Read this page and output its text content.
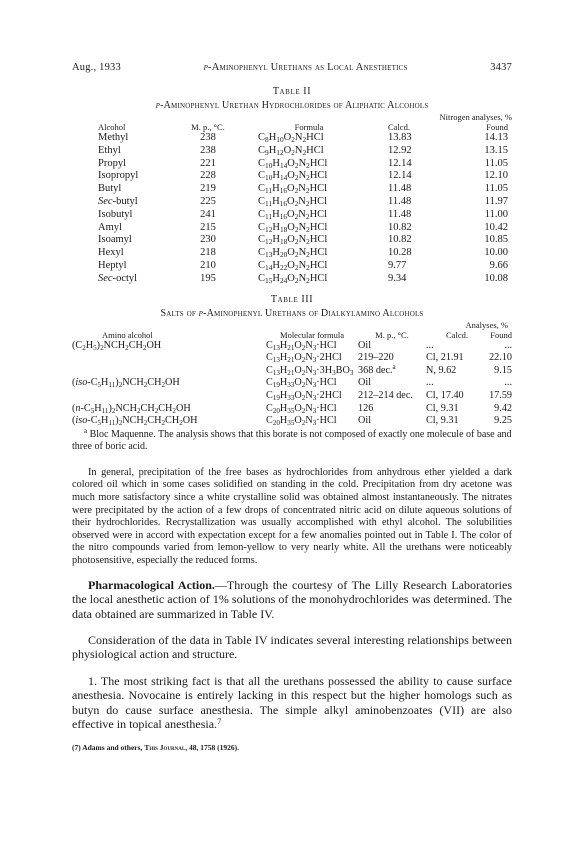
Aug., 1933	p-Aminophenyl Urethans as Local Anesthetics	3437
Table II
p-Aminophenyl Urethan Hydrochlorides of Aliphatic Alcohols
			Nitrogen analyses, %	
Alcohol	M. p., °C.	Formula	Calcd.	Found
Methyl	238	$C_8H_{10}O_2N_2HCl$	13.83	14.13
Ethyl	238	$C_9H_{12}O_2N_2HCl$	12.92	13.15
Propyl	221	$C_{10}H_{14}O_2N_2HCl$	12.14	11.05
Isopropyl	228	$C_{10}H_{14}O_2N_2HCl$	12.14	12.10
Butyl	219	$C_{11}H_{16}O_2N_2HCl$	11.48	11.05
Sec-butyl	225	$C_{11}H_{16}O_2N_2HCl$	11.48	11.97
Isobutyl	241	$C_{11}H_{16}O_2N_2HCl$	11.48	11.00
Amyl	215	$C_{12}H_{18}O_2N_2HCl$	10.82	10.42
Isoamyl	230	$C_{12}H_{18}O_2N_2HCl$	10.82	10.85
Hexyl	218	$C_{13}H_{20}O_2N_2HCl$	10.28	10.00
Heptyl	210	$C_{14}H_{22}O_2N_2HCl$	9.77	9.66
Sec-octyl	195	$C_{15}H_{24}O_2N_2HCl$	9.34	10.08
Table III
Salts of p-Aminophenyl Urethans of Dialkylamino Alcohols
			Analyses, %	
Amino alcohol	Molecular formula	M. p., °C.	Calcd.	Found
$(C_2H_5)_2NCH_2CH_2OH$	$C_{13}H_{21}O_2N_3\cdot HCl$	Oil	...	...
	$C_{13}H_{21}O_2N_3\cdot 2HCl$	219–220	Cl, 21.91	22.10
	$C_{13}H_{21}O_2N_3\cdot 3H_3BO_3$	368 dec.$^a$	N, 9.62	9.15
$(iso-C_5H_{11})_2NCH_2CH_2OH$	$C_{19}H_{33}O_2N_3\cdot HCl$	Oil	...	...
	$C_{19}H_{33}O_2N_3\cdot 2HCl$	212–214 dec.	Cl, 17.40	17.59
$(n-C_5H_{11})_2NCH_2CH_2CH_2OH$	$C_{20}H_{35}O_2N_3\cdot HCl$	126	Cl, 9.31	9.42
$(iso-C_5H_{11})_2NCH_2CH_2CH_2OH$	$C_{20}H_{35}O_2N_3\cdot HCl$	Oil	Cl, 9.31	9.25
$^a$ Bloc Maquenne. The analysis shows that this borate is not composed of exactly one molecule of base and three of boric acid.

In general, precipitation of the free bases as hydrochlorides from anhydrous ether yielded a dark colored oil which in some cases solidified on standing in the cold. Precipitation from dry acetone was much more satisfactory since a white crystalline solid was obtained almost instantaneously. The nitrates were precipitated by the action of a few drops of concentrated nitric acid on dilute aqueous solutions of their hydrochlorides. Recrystallization was usually accomplished with ethyl alcohol. The solubilities observed were in accord with expectation except for a few anomalies pointed out in Table I. The color of the nitro compounds varied from lemon-yellow to very nearly white. All the urethans were noticeably photosensitive, especially the reduced forms.

Pharmacological Action.—Through the courtesy of The Lilly Research Laboratories the local anesthetic action of 1% solutions of the monohydrochlorides was determined. The data obtained are summarized in Table IV.

Consideration of the data in Table IV indicates several interesting relationships between physiological action and structure.

1. The most striking fact is that all the urethans possessed the ability to cause surface anesthesia. Novocaine is entirely lacking in this respect but the higher homologs such as butyn do cause surface anesthesia. The simple alkyl aminobenzoates (VII) are also effective in topical anesthesia.$^7$

(7) Adams and others, This Journal, 48, 1758 (1926).
